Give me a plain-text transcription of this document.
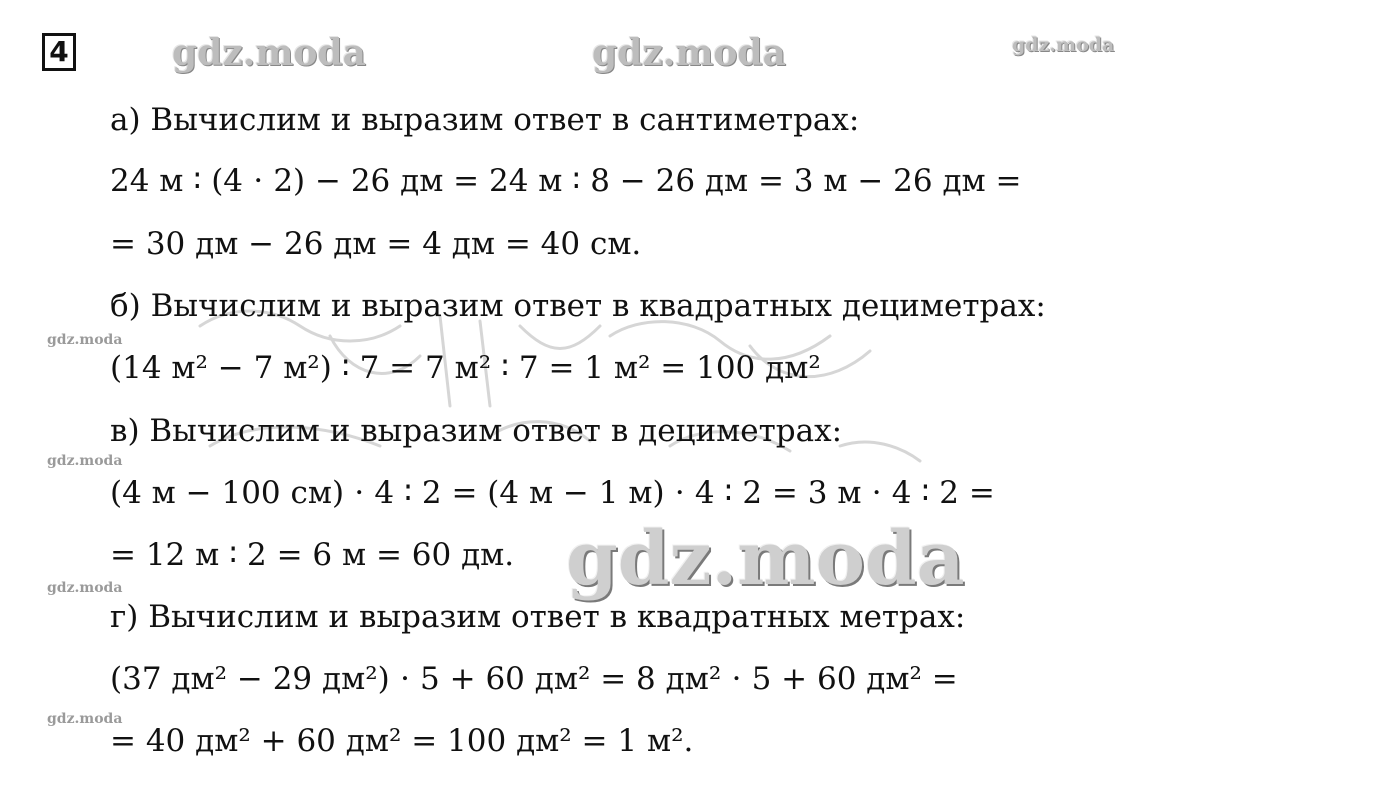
4	gdz.moda	gdz.moda	gdz.moda
gdz.moda
gdz.moda
gdz.moda
gdz.moda
а) Вычислим и выразим ответ в сантиметрах:
24 м ∶ (4 ⋅ 2) − 26 дм = 24 м ∶ 8 − 26 дм = 3 м − 26 дм =
= 30 дм − 26 дм = 4 дм = 40 см.
б) Вычислим и выразим ответ в квадратных дециметрах:
(14 м² − 7 м²) ∶ 7 = 7 м² ∶ 7 = 1 м² = 100 дм²
в) Вычислим и выразим ответ в дециметрах:
(4 м − 100 см) ⋅ 4 ∶ 2 = (4 м − 1 м) ⋅ 4 ∶ 2 = 3 м ⋅ 4 ∶ 2 =
= 12 м ∶ 2 = 6 м = 60 дм.
г) Вычислим и выразим ответ в квадратных метрах:
(37 дм² − 29 дм²) ⋅ 5 + 60 дм² = 8 дм² ⋅ 5 + 60 дм² =
= 40 дм² + 60 дм² = 100 дм² = 1 м².
gdz.moda
